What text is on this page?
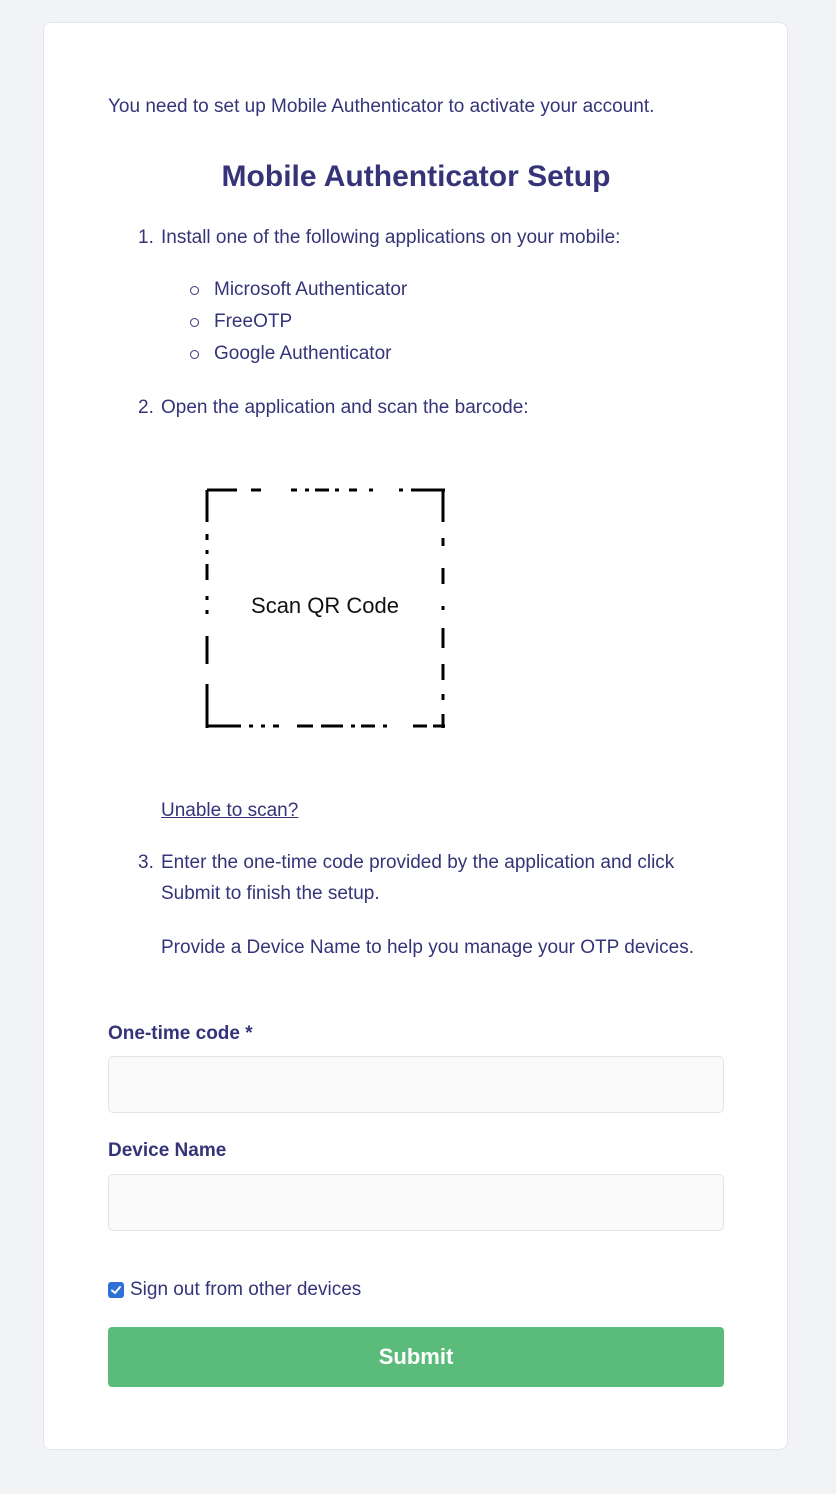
You need to set up Mobile Authenticator to activate your account.

Mobile Authenticator Setup
1. Install one of the following applications on your mobile:
Microsoft Authenticator
FreeOTP
Google Authenticator
2. Open the application and scan the barcode:
Scan QR Code
Unable to scan?
3. Enter the one-time code provided by the application and click Submit to finish the setup.
Provide a Device Name to help you manage your OTP devices.
One-time code *
Device Name
Sign out from other devices
Submit
